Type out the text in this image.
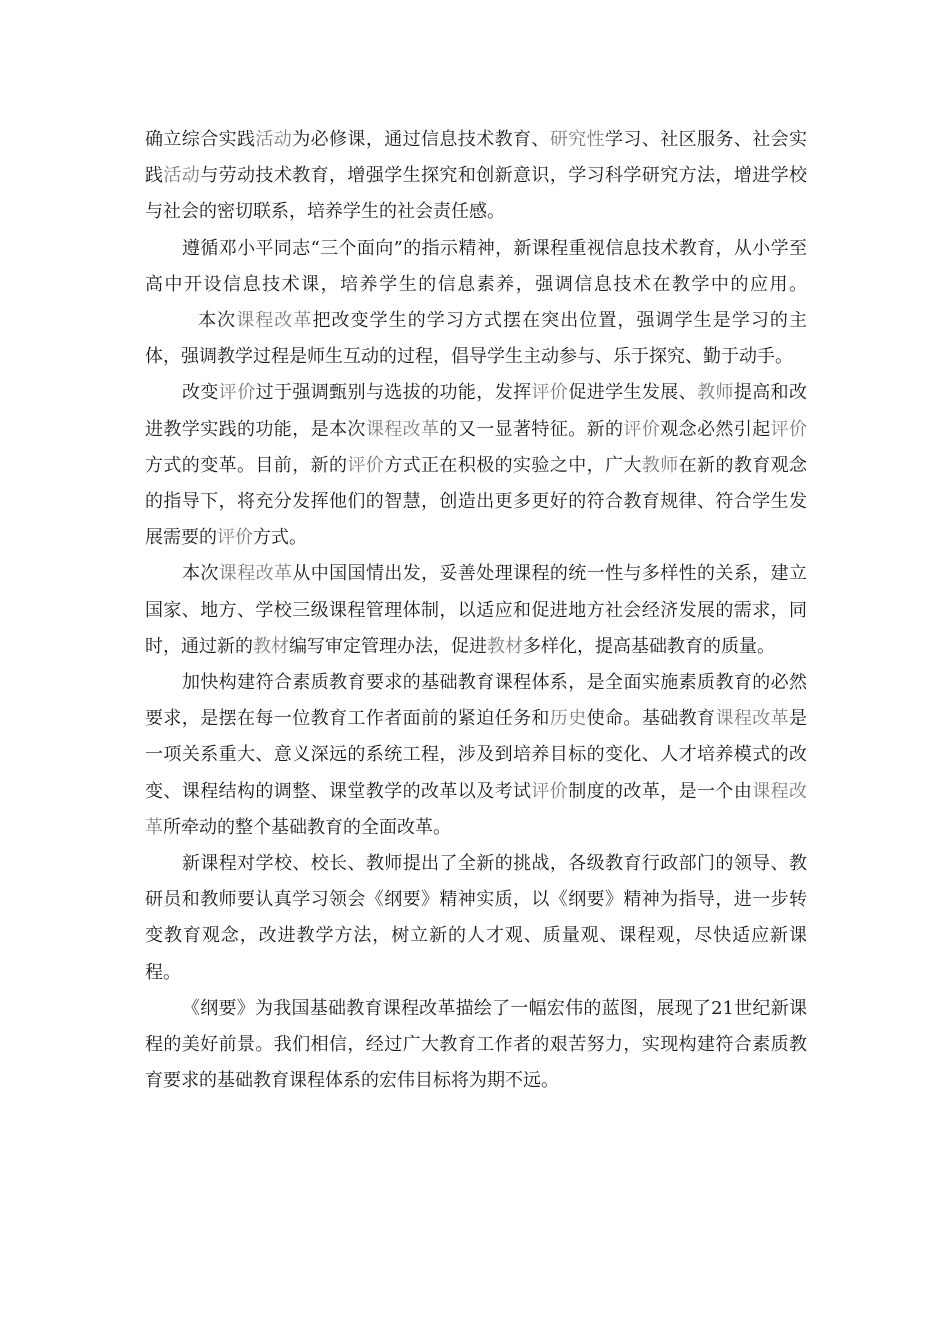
确立综合实践活动为必修课，通过信息技术教育、研究性学习、社区服务、社会实践活动与劳动技术教育，增强学生探究和创新意识，学习科学研究方法，增进学校与社会的密切联系，培养学生的社会责任感。

遵循邓小平同志“三个面向”的指示精神，新课程重视信息技术教育，从小学至高中开设信息技术课，培养学生的信息素养，强调信息技术在教学中的应用。本次课程改革把改变学生的学习方式摆在突出位置，强调学生是学习的主体，强调教学过程是师生互动的过程，倡导学生主动参与、乐于探究、勤于动手。

改变评价过于强调甄别与选拔的功能，发挥评价促进学生发展、教师提高和改进教学实践的功能，是本次课程改革的又一显著特征。新的评价观念必然引起评价方式的变革。目前，新的评价方式正在积极的实验之中，广大教师在新的教育观念的指导下，将充分发挥他们的智慧，创造出更多更好的符合教育规律、符合学生发展需要的评价方式。

本次课程改革从中国国情出发，妥善处理课程的统一性与多样性的关系，建立国家、地方、学校三级课程管理体制，以适应和促进地方社会经济发展的需求，同时，通过新的教材编写审定管理办法，促进教材多样化，提高基础教育的质量。

加快构建符合素质教育要求的基础教育课程体系，是全面实施素质教育的必然要求，是摆在每一位教育工作者面前的紧迫任务和历史使命。基础教育课程改革是一项关系重大、意义深远的系统工程，涉及到培养目标的变化、人才培养模式的改变、课程结构的调整、课堂教学的改革以及考试评价制度的改革，是一个由课程改革所牵动的整个基础教育的全面改革。

新课程对学校、校长、教师提出了全新的挑战，各级教育行政部门的领导、教研员和教师要认真学习领会《纲要》精神实质，以《纲要》精神为指导，进一步转变教育观念，改进教学方法，树立新的人才观、质量观、课程观，尽快适应新课程。

《纲要》为我国基础教育课程改革描绘了一幅宏伟的蓝图，展现了21世纪新课程的美好前景。我们相信，经过广大教育工作者的艰苦努力，实现构建符合素质教育要求的基础教育课程体系的宏伟目标将为期不远。
